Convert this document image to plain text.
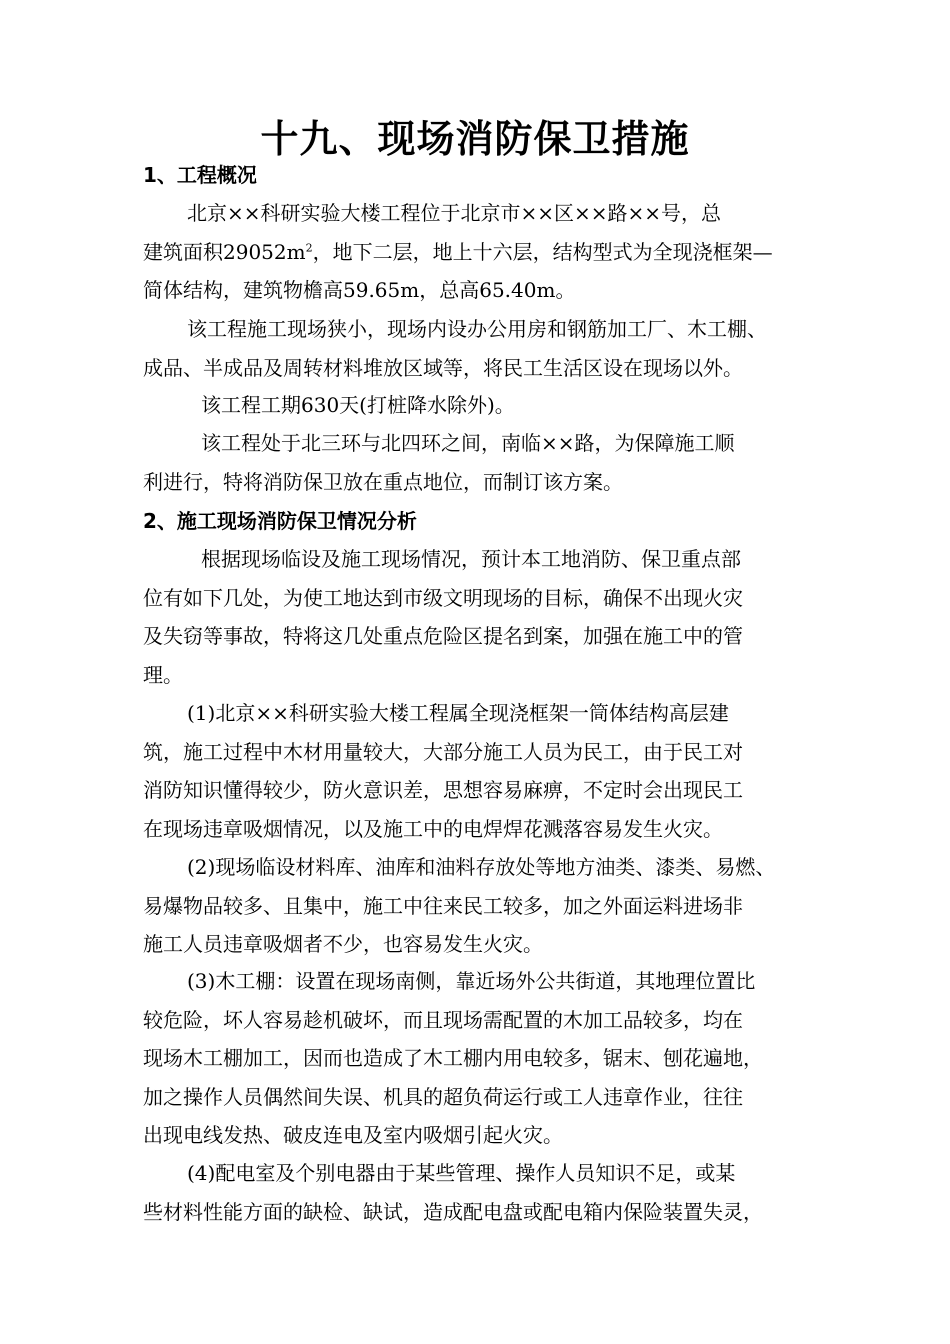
十九、现场消防保卫措施
1、工程概况
北京××科研实验大楼工程位于北京市××区××路××号，总
建筑面积$29052m^2$，地下二层，地上十六层，结构型式为全现浇框架—
简体结构，建筑物檐高59.65m，总高65.40m。
该工程施工现场狭小，现场内设办公用房和钢筋加工厂、木工棚、
成品、半成品及周转材料堆放区域等，将民工生活区设在现场以外。
该工程工期630天(打桩降水除外)。
该工程处于北三环与北四环之间，南临××路，为保障施工顺
利进行，特将消防保卫放在重点地位，而制订该方案。
2、施工现场消防保卫情况分析
根据现场临设及施工现场情况，预计本工地消防、保卫重点部
位有如下几处，为使工地达到市级文明现场的目标，确保不出现火灾
及失窃等事故，特将这几处重点危险区提名到案，加强在施工中的管
理。
(1)北京××科研实验大楼工程属全现浇框架一筒体结构高层建
筑，施工过程中木材用量较大，大部分施工人员为民工，由于民工对
消防知识懂得较少，防火意识差，思想容易麻痹，不定时会出现民工
在现场违章吸烟情况，以及施工中的电焊焊花溅落容易发生火灾。
(2)现场临设材料库、油库和油料存放处等地方油类、漆类、易燃、
易爆物品较多、且集中，施工中往来民工较多，加之外面运料进场非
施工人员违章吸烟者不少，也容易发生火灾。
(3)木工棚：设置在现场南侧，靠近场外公共街道，其地理位置比
较危险，坏人容易趁机破坏，而且现场需配置的木加工品较多，均在
现场木工棚加工，因而也造成了木工棚内用电较多，锯末、刨花遍地，
加之操作人员偶然间失误、机具的超负荷运行或工人违章作业，往往
出现电线发热、破皮连电及室内吸烟引起火灾。
(4)配电室及个别电器由于某些管理、操作人员知识不足，或某
些材料性能方面的缺检、缺试，造成配电盘或配电箱内保险装置失灵，
